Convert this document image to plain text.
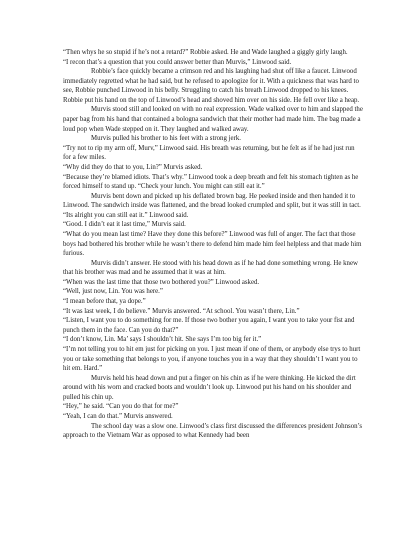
“Then whys he so stupid if he’s not a retard?” Robbie asked. He and Wade laughed a giggly girly laugh.

“I recon that’s a question that you could answer better than Murvis,” Linwood said.

Robbie’s face quickly became a crimson red and his laughing had shut off like a faucet. Linwood immediately regretted what he had said, but he refused to apologize for it. With a quickness that was hard to see, Robbie punched Linwood in his belly. Struggling to catch his breath Linwood dropped to his knees. Robbie put his hand on the top of Linwood’s head and shoved him over on his side. He fell over like a heap.

Murvis stood still and looked on with no real expression. Wade walked over to him and slapped the paper bag from his hand that contained a bologna sandwich that their mother had made him. The bag made a loud pop when Wade stepped on it. They laughed and walked away.

Murvis pulled his brother to his feet with a strong jerk.

“Try not to rip my arm off, Murv,” Linwood said. His breath was returning, but he felt as if he had just run for a few miles.

“Why did they do that to you, Lin?” Murvis asked.

“Because they’re blamed idiots. That’s why.” Linwood took a deep breath and felt his stomach tighten as he forced himself to stand up. “Check your lunch. You might can still eat it.”

Murvis bent down and picked up his deflated brown bag. He peeked inside and then handed it to Linwood. The sandwich inside was flattened, and the bread looked crumpled and split, but it was still in tact.

“Its alright you can still eat it.” Linwood said.

“Good. I didn’t eat it last time,” Murvis said.

“What do you mean last time? Have they done this before?” Linwood was full of anger. The fact that those boys had bothered his brother while he wasn’t there to defend him made him feel helpless and that made him furious.

Murvis didn’t answer. He stood with his head down as if he had done something wrong. He knew that his brother was mad and he assumed that it was at him.

“When was the last time that those two bothered you?” Linwood asked.

“Well, just now, Lin. You was here.”

“I mean before that, ya dope.”

“It was last week, I do believe.” Murvis answered. “At school. You wasn’t there, Lin.”

“Listen, I want you to do something for me. If those two bother you again, I want you to take your fist and punch them in the face. Can you do that?”

“I don’t know, Lin. Ma’ says I shouldn’t hit. She says I’m too big fer it.”

“I’m not telling you to hit em just for picking on you. I just mean if one of them, or anybody else trys to hurt you or take something that belongs to you, if anyone touches you in a way that they shouldn’t I want you to hit em. Hard.”

Murvis held his head down and put a finger on his chin as if he were thinking. He kicked the dirt around with his worn and cracked boots and wouldn’t look up. Linwood put his hand on his shoulder and pulled his chin up.

“Hey,” he said. “Can you do that for me?”

“Yeah, I can do that.” Murvis answered.

The school day was a slow one. Linwood’s class first discussed the differences president Johnson’s approach to the Vietnam War as opposed to what Kennedy had been
